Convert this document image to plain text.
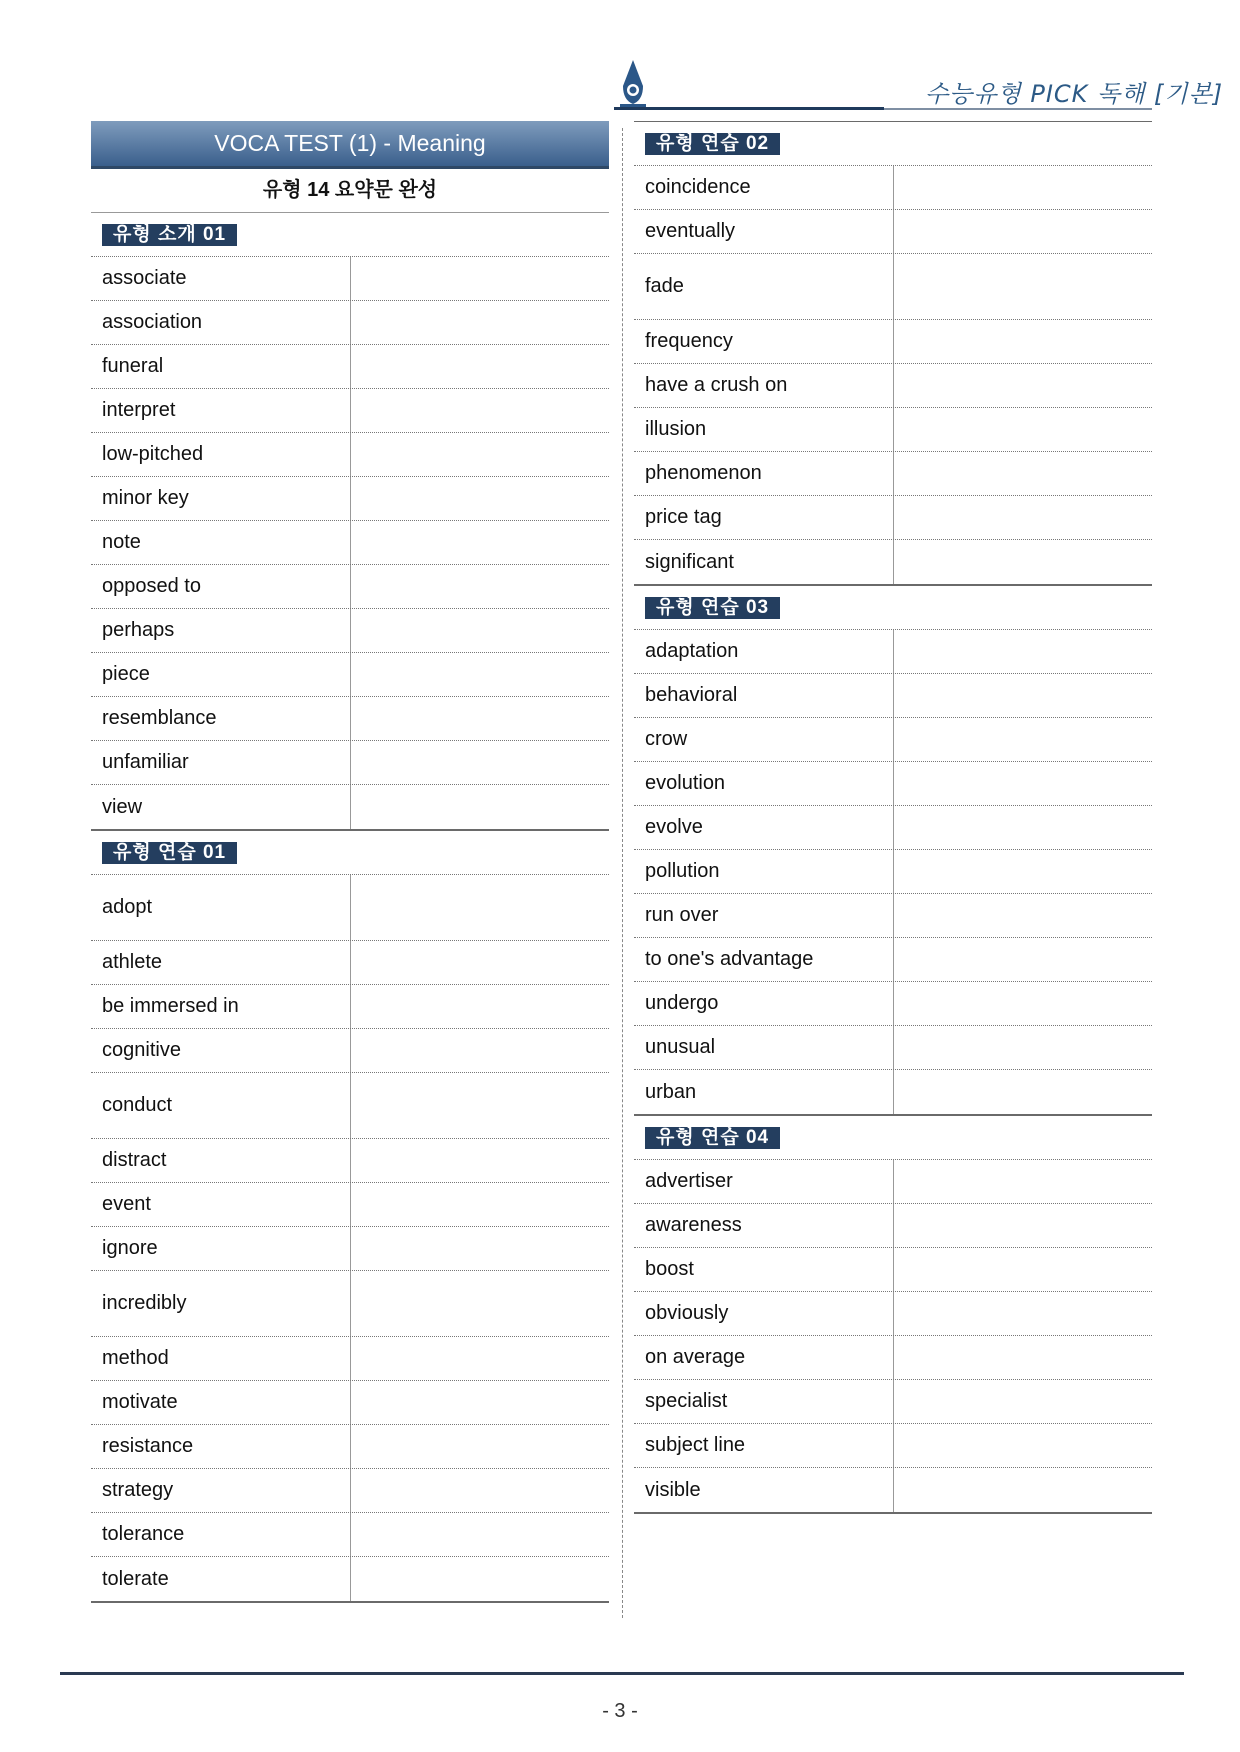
수능유형 PICK 독해 [기본]
VOCA TEST (1) - Meaning
유형 14 요약문 완성
유형 소개 01
associate
association
funeral
interpret
low-pitched
minor key
note
opposed to
perhaps
piece
resemblance
unfamiliar
view
유형 연습 01
adopt
athlete
be immersed in
cognitive
conduct
distract
event
ignore
incredibly
method
motivate
resistance
strategy
tolerance
tolerate
유형 연습 02
coincidence
eventually
fade
frequency
have a crush on
illusion
phenomenon
price tag
significant
유형 연습 03
adaptation
behavioral
crow
evolution
evolve
pollution
run over
to one's advantage
undergo
unusual
urban
유형 연습 04
advertiser
awareness
boost
obviously
on average
specialist
subject line
visible
- 3 -
